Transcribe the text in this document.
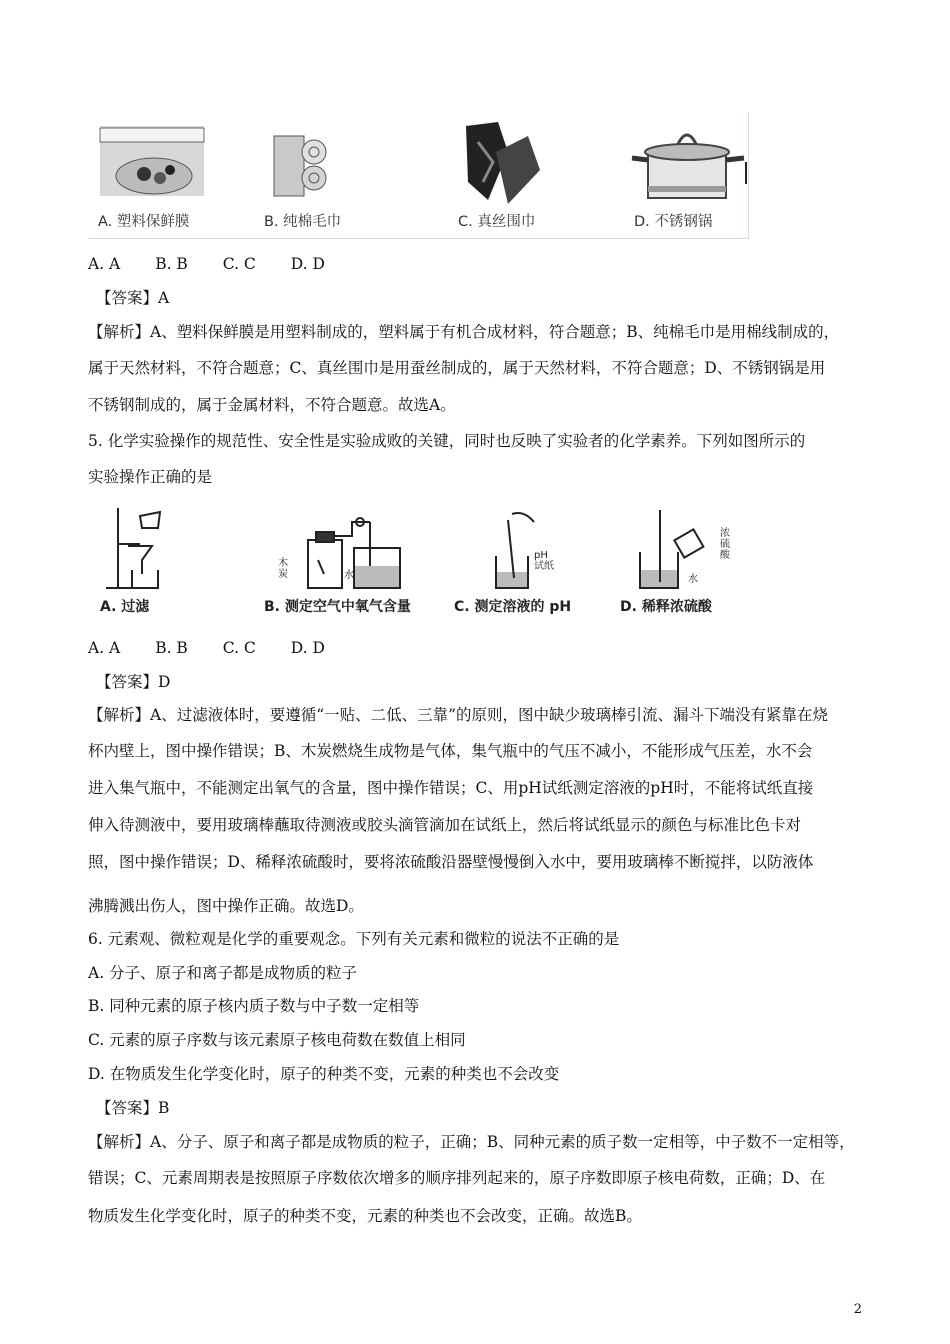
A. 塑料保鲜膜	B. 纯棉毛巾	C. 真丝围巾	D. 不锈钢锅
A. A B. B C. C D. D
【答案】A
【解析】A、塑料保鲜膜是用塑料制成的，塑料属于有机合成材料，符合题意；B、纯棉毛巾是用棉线制成的，
属于天然材料，不符合题意；C、真丝围巾是用蚕丝制成的，属于天然材料，不符合题意；D、不锈钢锅是用
不锈钢制成的，属于金属材料，不符合题意。故选A。
5. 化学实验操作的规范性、安全性是实验成败的关键，同时也反映了实验者的化学素养。下列如图所示的
实验操作正确的是
木
炭	水
pH
试纸
浓
硫
酸
水
A. 过滤	B. 测定空气中氧气含量	C. 测定溶液的 pH	D. 稀释浓硫酸
A. A B. B C. C D. D
【答案】D
【解析】A、过滤液体时，要遵循“一贴、二低、三靠”的原则，图中缺少玻璃棒引流、漏斗下端没有紧靠在烧
杯内壁上，图中操作错误；B、木炭燃烧生成物是气体，集气瓶中的气压不减小，不能形成气压差，水不会
进入集气瓶中，不能测定出氧气的含量，图中操作错误；C、用pH试纸测定溶液的pH时，不能将试纸直接
伸入待测液中，要用玻璃棒蘸取待测液或胶头滴管滴加在试纸上，然后将试纸显示的颜色与标准比色卡对
照，图中操作错误；D、稀释浓硫酸时，要将浓硫酸沿器壁慢慢倒入水中，要用玻璃棒不断搅拌，以防液体
沸腾溅出伤人，图中操作正确。故选D。
6. 元素观、微粒观是化学的重要观念。下列有关元素和微粒的说法不正确的是
A. 分子、原子和离子都是成物质的粒子
B. 同种元素的原子核内质子数与中子数一定相等
C. 元素的原子序数与该元素原子核电荷数在数值上相同
D. 在物质发生化学变化时，原子的种类不变，元素的种类也不会改变
【答案】B
【解析】A、分子、原子和离子都是成物质的粒子，正确；B、同种元素的质子数一定相等，中子数不一定相等，
错误；C、元素周期表是按照原子序数依次增多的顺序排列起来的，原子序数即原子核电荷数，正确；D、在
物质发生化学变化时，原子的种类不变，元素的种类也不会改变，正确。故选B。
2
